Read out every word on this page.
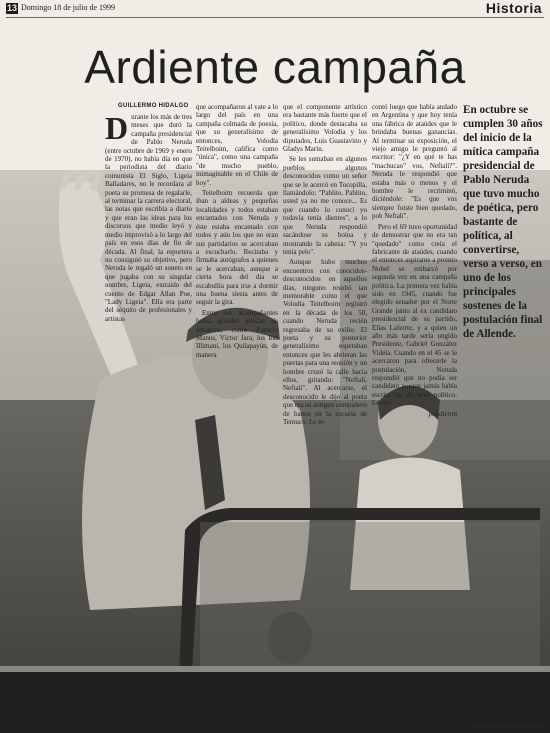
13 Domingo 18 de julio de 1999	Historia
Ardiente campaña
GUILLERMO HIDALGO

Durante los más de tres meses que duró la campaña presidencial de Pablo Neruda (entre octubre de 1969 y enero de 1970), no había día en que la periodista del diario comunista El Siglo, Ligeia Balladares, no le recordara al poeta su promesa de regalarle, al terminar la carrera electoral, las notas que escribía a diario y que eran las ideas para los discursos que medio leyó y medio improvisó a lo largo del país en esos días de fin de década. Al final, la reportera no consiguió su objetivo, pero Neruda le regaló un soneto en que jugaba con su singular nombre, Ligeia, extraído del cuento de Edgar Allan Poe, "Lady Ligeia". Ella era parte del séquito de profesionales y artistas

que acompañaron al vate a lo largo del país en una campaña colmada de poesía, que su generalísimo de entonces, Volodia Teitelboim, califica como "única", como una campaña "de mucho pueblo, inimaginable en el Chile de hoy".

Teitelboim recuerda que iban a aldeas y pequeñas localidades y todos estaban encantados con Neruda y éste estaba encantado con todos y aún los que no eran sus partidarios se acercaban a escucharlo. Recitaba y firmaba autógrafos a quienes se le acercaban, aunque a cierta hora del día se escabullía para irse a dormir una buena siesta antes de seguir la gira.

Entre sus acompañantes había grandes artistas de entonces, como Patricio Manns, Víctor Jara, los Inti Illimani, los Quilapayún, de manera

que el componente artístico era bastante más fuerte que el político, donde destacaba su generalísimo Volodia y los diputados, Luis Guastavino y Gladys Marín.

Se les sumaban en algunos pueblos algunos desconocidos como un señor que se le acercó en Tocopilla, llamándolo: "Pablito, Pablito, usted ya no me conoce... Es que cuando lo conocí yo todavía tenía dientes", a lo que Neruda respondió sacándose su boina y mostrando la cabeza: "Y yo tenía pelo".

Aunque hubo muchos encuentros con conocidos-desconocidos en aquellos días, ninguno resultó tan memorable como el que Volodia Teitelboim registró en la década de los 50, cuando Neruda recién regresaba de su exilio. El poeta y su posterior generalísimo esperaban entonces que les abrieran las puertas para una reunión y un hombre cruzó la calle hacia ellos, gritando: "Neftalí, Neftalí". Al acercarse, el desconocido le dijo al poeta que era su antiguo compañero de banco en la escuela de Temuco. Le re-

contó luego que había andado en Argentina y que hoy tenía una fábrica de ataúdes que le brindaba buenas ganancias. Al terminar su exposición, el viejo amigo le preguntó al escritor: "¿Y en qué te has "machucao" vos, Neftalí?". Neruda le respondió que estaba más o menos y el hombre le recriminó, diciéndole: "Es que vos siempre fuiste bien quedado, poh Neftalí".

Pero el 69 tuvo oportunidad de demostrar que no era tan "quedado" como creía el fabricante de ataúdes, cuando el entonces aspirante a premio Nobel se embarcó por segunda vez en una campaña política. La primera vez había sido en 1945, cuando fue elegido senador por el Norte Grande junto al ex candidato presidencial de su partido, Elías Laferrte, y a quien un año más tarde sería ungido Presidente, Gabriel González Videla. Cuando en el 45 se le acercaron para ofrecerle la postulación, Neruda respondió que no podía ser candidato porque jamás había escrito un discurso político. Le res-

pondieron
En octubre se cumplen 30 años del inicio de la mítica campaña presidencial de Pablo Neruda que tuvo mucho de poética, pero bastante de política, al convertirse, verso a verso, en uno de los principales sostenes de la postulación final de Allende.
memoriachilena.cl
